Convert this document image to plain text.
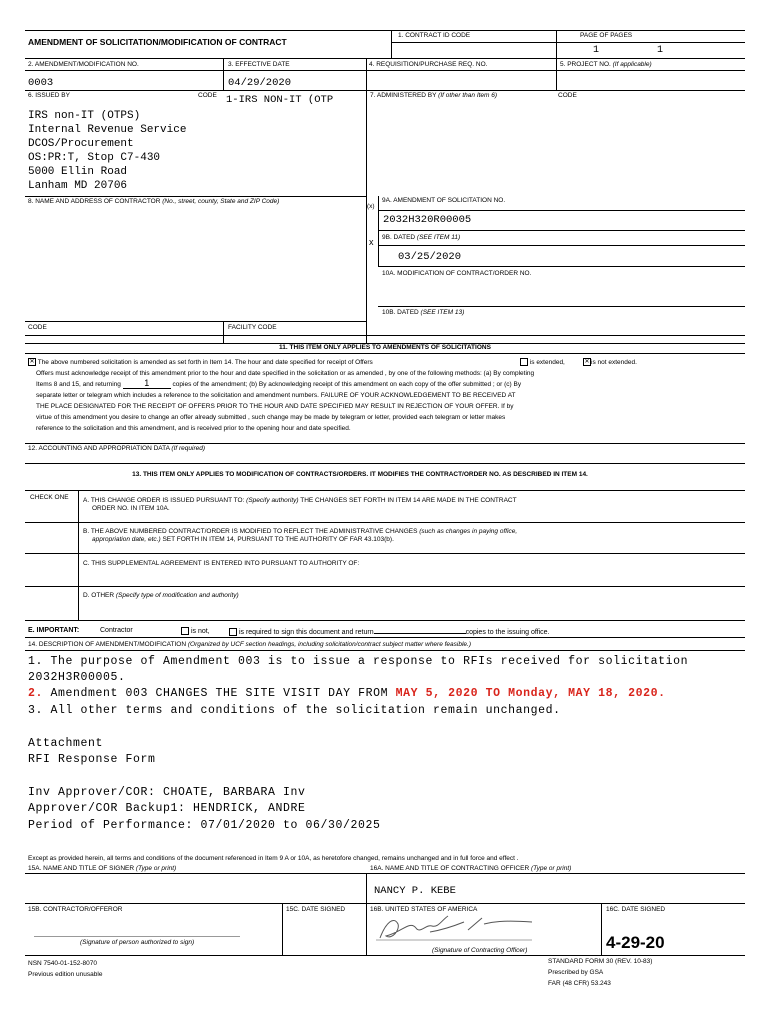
AMENDMENT OF SOLICITATION/MODIFICATION OF CONTRACT
1. CONTRACT ID CODE	PAGE OF PAGES
1	1
2. AMENDMENT/MODIFICATION NO.	3. EFFECTIVE DATE	4. REQUISITION/PURCHASE REQ. NO.	5. PROJECT NO. (If applicable)
0003	04/29/2020
6. ISSUED BY	CODE 1-IRS NON-IT (OTP	7. ADMINISTERED BY (If other than Item 6)	CODE
IRS non-IT (OTPS)
Internal Revenue Service
DCOS/Procurement
OS:PR:T, Stop C7-430
5000 Ellin Road
Lanham MD 20706
8. NAME AND ADDRESS OF CONTRACTOR (No., street, county, State and ZIP Code)
(x)
9A. AMENDMENT OF SOLICITATION NO.
2032H320R00005
x 9B. DATED (SEE ITEM 11)
03/25/2020
10A. MODIFICATION OF CONTRACT/ORDER NO.
10B. DATED (SEE ITEM 13)
CODE	FACILITY CODE
11. THIS ITEM ONLY APPLIES TO AMENDMENTS OF SOLICITATIONS
✕ The above numbered solicitation is amended as set forth in Item 14. The hour and date specified for receipt of Offers	is extended,	✕is not extended.
Offers must acknowledge receipt of this amendment prior to the hour and date specified in the solicitation or as amended , by one of the following methods: (a) By completing
Items 8 and 15, and returning	1	copies of the amendment; (b) By acknowledging receipt of this amendment on each copy of the offer submitted ; or (c) By
separate letter or telegram which includes a reference to the solicitation and amendment numbers. FAILURE OF YOUR ACKNOWLEDGEMENT TO BE RECEIVED AT
THE PLACE DESIGNATED FOR THE RECEIPT OF OFFERS PRIOR TO THE HOUR AND DATE SPECIFIED MAY RESULT IN REJECTION OF YOUR OFFER. If by
virtue of this amendment you desire to change an offer already submitted , such change may be made by telegram or letter, provided each telegram or letter makes
reference to the solicitation and this amendment, and is received prior to the opening hour and date specified.
12. ACCOUNTING AND APPROPRIATION DATA (If required)
13. THIS ITEM ONLY APPLIES TO MODIFICATION OF CONTRACTS/ORDERS. IT MODIFIES THE CONTRACT/ORDER NO. AS DESCRIBED IN ITEM 14.
CHECK ONE A. THIS CHANGE ORDER IS ISSUED PURSUANT TO: (Specify authority) THE CHANGES SET FORTH IN ITEM 14 ARE MADE IN THE CONTRACT
ORDER NO. IN ITEM 10A.
B. THE ABOVE NUMBERED CONTRACT/ORDER IS MODIFIED TO REFLECT THE ADMINISTRATIVE CHANGES (such as changes in paying office,
appropriation date, etc.) SET FORTH IN ITEM 14, PURSUANT TO THE AUTHORITY OF FAR 43.103(b).
C. THIS SUPPLEMENTAL AGREEMENT IS ENTERED INTO PURSUANT TO AUTHORITY OF:
D. OTHER (Specify type of modification and authority)
E. IMPORTANT:	Contractor	is not,	is required to sign this document and return	copies to the issuing office.
14. DESCRIPTION OF AMENDMENT/MODIFICATION (Organized by UCF section headings, including solicitation/contract subject matter where feasible.)
1. The purpose of Amendment 003 is to issue a response to RFIs received for solicitation
2032H3R00005.
2. Amendment 003 CHANGES THE SITE VISIT DAY FROM MAY 5, 2020 TO Monday, MAY 18, 2020.
3. All other terms and conditions of the solicitation remain unchanged.
Attachment
RFI Response Form
Inv Approver/COR: CHOATE, BARBARA Inv
Approver/COR Backup1: HENDRICK, ANDRE
Period of Performance: 07/01/2020 to 06/30/2025
Except as provided herein, all terms and conditions of the document referenced in Item 9 A or 10A, as heretofore changed, remains unchanged and in full force and effect .
15A. NAME AND TITLE OF SIGNER (Type or print)	16A. NAME AND TITLE OF CONTRACTING OFFICER (Type or print)
NANCY P. KEBE
15B. CONTRACTOR/OFFEROR	15C. DATE SIGNED	16B. UNITED STATES OF AMERICA	16C. DATE SIGNED
(Signature of person authorized to sign)
(Signature of Contracting Officer)	4-29-20
NSN 7540-01-152-8070
Previous edition unusable
STANDARD FORM 30 (REV. 10-83)
Prescribed by GSA
FAR (48 CFR) 53.243
